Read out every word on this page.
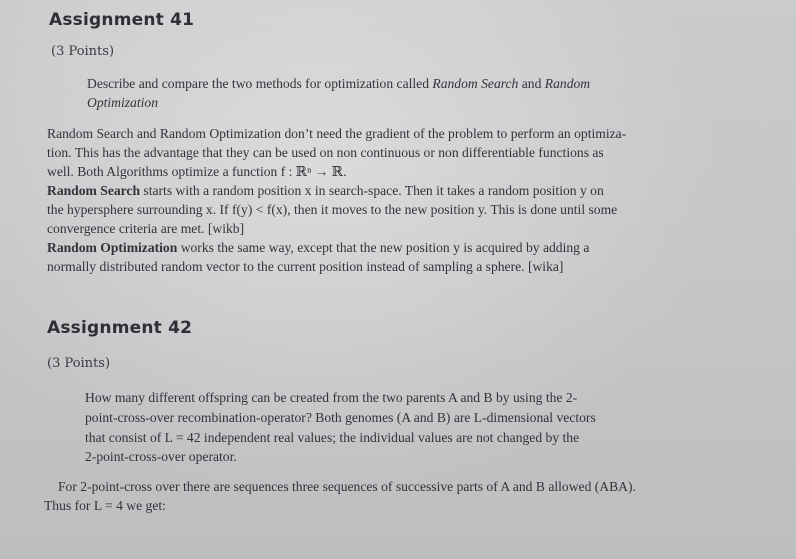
Assignment 41
(3 Points)
Describe and compare the two methods for optimization called Random Search and Random
Optimization
Random Search and Random Optimization don’t need the gradient of the problem to perform an optimiza-
tion. This has the advantage that they can be used on non continuous or non differentiable functions as
well. Both Algorithms optimize a function f : ℝⁿ → ℝ.
Random Search starts with a random position x in search-space. Then it takes a random position y on
the hypersphere surrounding x. If f(y) < f(x), then it moves to the new position y. This is done until some
convergence criteria are met. [wikb]
Random Optimization works the same way, except that the new position y is acquired by adding a
normally distributed random vector to the current position instead of sampling a sphere. [wika]
Assignment 42
(3 Points)
How many different offspring can be created from the two parents A and B by using the 2-
point-cross-over recombination-operator? Both genomes (A and B) are L-dimensional vectors
that consist of L = 42 independent real values; the individual values are not changed by the
2-point-cross-over operator.
For 2-point-cross over there are sequences three sequences of successive parts of A and B allowed (ABA).
Thus for L = 4 we get:
